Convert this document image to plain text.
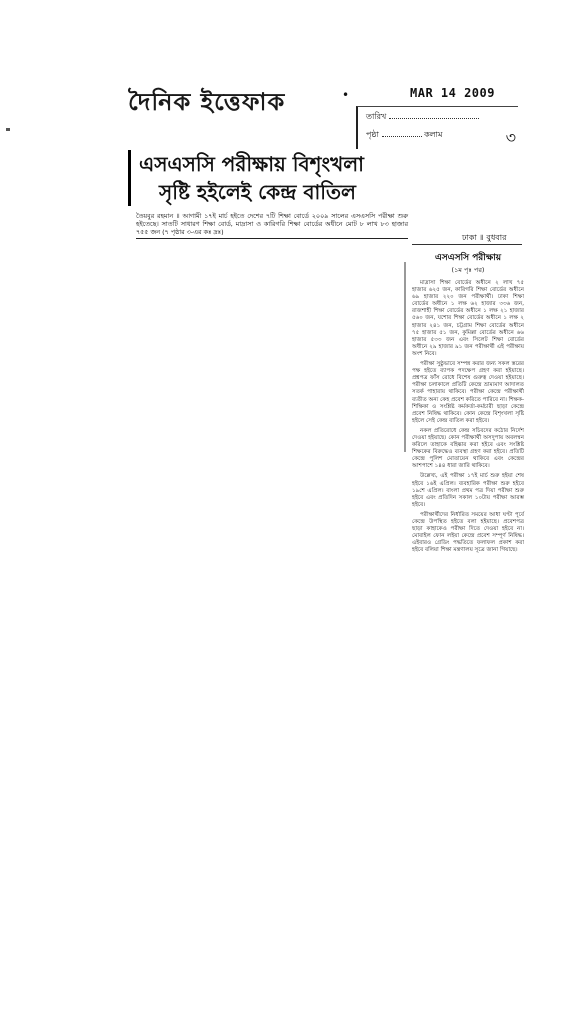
দৈনিক ইত্তেফাক	•	MAR 14 2009
তারিখ
পৃষ্ঠা	কলাম	৩
এসএসসি পরীক্ষায় বিশৃংখলা
সৃষ্টি হইলেই কেন্দ্র বাতিল
তৈয়বুর রহমান ॥ আগামী ১৭ই মার্চ হইতে দেশের ৭টি শিক্ষা বোর্ডে ২০০৯ সালের এসএসসি পরীক্ষা শুরু হইতেছে। সাতটি সাধারণ শিক্ষা বোর্ড, মাদ্রাসা ও কারিগরি শিক্ষা বোর্ডের অধীনে মোট ৮ লাখ ৮৩ হাজার ৭৫৫ জন (৭ পৃষ্ঠার ৩-এর কঃ দ্রঃ)
ঢাকা ॥ বুধবার
এসএসসি পরীক্ষায়
(১ম পৃঃ পর)

মাদ্রাসা শিক্ষা বোর্ডের অধীনে ২ লাখ ৭৫ হাজার ৬২৫ জন, কারিগরি শিক্ষা বোর্ডের অধীনে ৬৯ হাজার ২২০ জন পরীক্ষার্থী। ঢাকা শিক্ষা বোর্ডের অধীনে ১ লক্ষ ৬২ হাজার ৩৩৬ জন, রাজশাহী শিক্ষা বোর্ডের অধীনে ১ লক্ষ ২১ হাজার ৫৬০ জন, যশোর শিক্ষা বোর্ডের অধীনে ১ লক্ষ ২ হাজার ২৪১ জন, চট্টগ্রাম শিক্ষা বোর্ডের অধীনে ৭৫ হাজার ৫১ জন, কুমিল্লা বোর্ডের অধীনে ৬৬ হাজার ৫৩৩ জন এবং সিলেট শিক্ষা বোর্ডের অধীনে ২৯ হাজার ৯১ জন পরীক্ষার্থী এই পরীক্ষায় অংশ নিবে।

পরীক্ষা সুষ্ঠুভাবে সম্পন্ন করার জন্য সকল স্তরের পক্ষ হইতে ব্যাপক পদক্ষেপ গ্রহণ করা হইয়াছে। প্রশ্নপত্র ফাঁস রোধে বিশেষ গুরুত্ব দেওয়া হইয়াছে। পরীক্ষা চলাকালে প্রতিটি কেন্দ্রে ভ্রাম্যমাণ আদালত সতর্ক পাহারায় থাকিবে। পরীক্ষা কেন্দ্রে পরীক্ষার্থী ব্যতীত অন্য কেহ প্রবেশ করিতে পারিবে না। শিক্ষক-শিক্ষিকা ও সংশ্লিষ্ট কর্মকর্তা-কর্মচারী ছাড়া কেন্দ্রে প্রবেশ নিষিদ্ধ থাকিবে। কোন কেন্দ্রে বিশৃংখলা সৃষ্টি হইলে সেই কেন্দ্র বাতিল করা হইবে।

নকল প্রতিরোধে কেন্দ্র সচিবদের কঠোর নির্দেশ দেওয়া হইয়াছে। কোন পরীক্ষার্থী অসদুপায় অবলম্বন করিলে তাহাকে বহিষ্কার করা হইবে এবং সংশ্লিষ্ট শিক্ষকের বিরুদ্ধেও ব্যবস্থা গ্রহণ করা হইবে। প্রতিটি কেন্দ্রে পুলিশ মোতায়েন থাকিবে এবং কেন্দ্রের আশপাশে ১৪৪ ধারা জারি থাকিবে।

উল্লেখ্য, এই পরীক্ষা ১৭ই মার্চ শুরু হইয়া শেষ হইবে ১৬ই এপ্রিল। ব্যবহারিক পরীক্ষা শুরু হইবে ১৯শে এপ্রিল। বাংলা প্রথম পত্র দিয়া পরীক্ষা শুরু হইবে এবং প্রতিদিন সকাল ১০টায় পরীক্ষা আরম্ভ হইবে।

পরীক্ষার্থীদের নির্ধারিত সময়ের আধা ঘণ্টা পূর্বে কেন্দ্রে উপস্থিত হইতে বলা হইয়াছে। প্রবেশপত্র ছাড়া কাহাকেও পরীক্ষা দিতে দেওয়া হইবে না। মোবাইল ফোন লইয়া কেন্দ্রে প্রবেশ সম্পূর্ণ নিষিদ্ধ। এইবারও গ্রেডিং পদ্ধতিতে ফলাফল প্রকাশ করা হইবে বলিয়া শিক্ষা মন্ত্রণালয় সূত্রে জানা গিয়াছে।
